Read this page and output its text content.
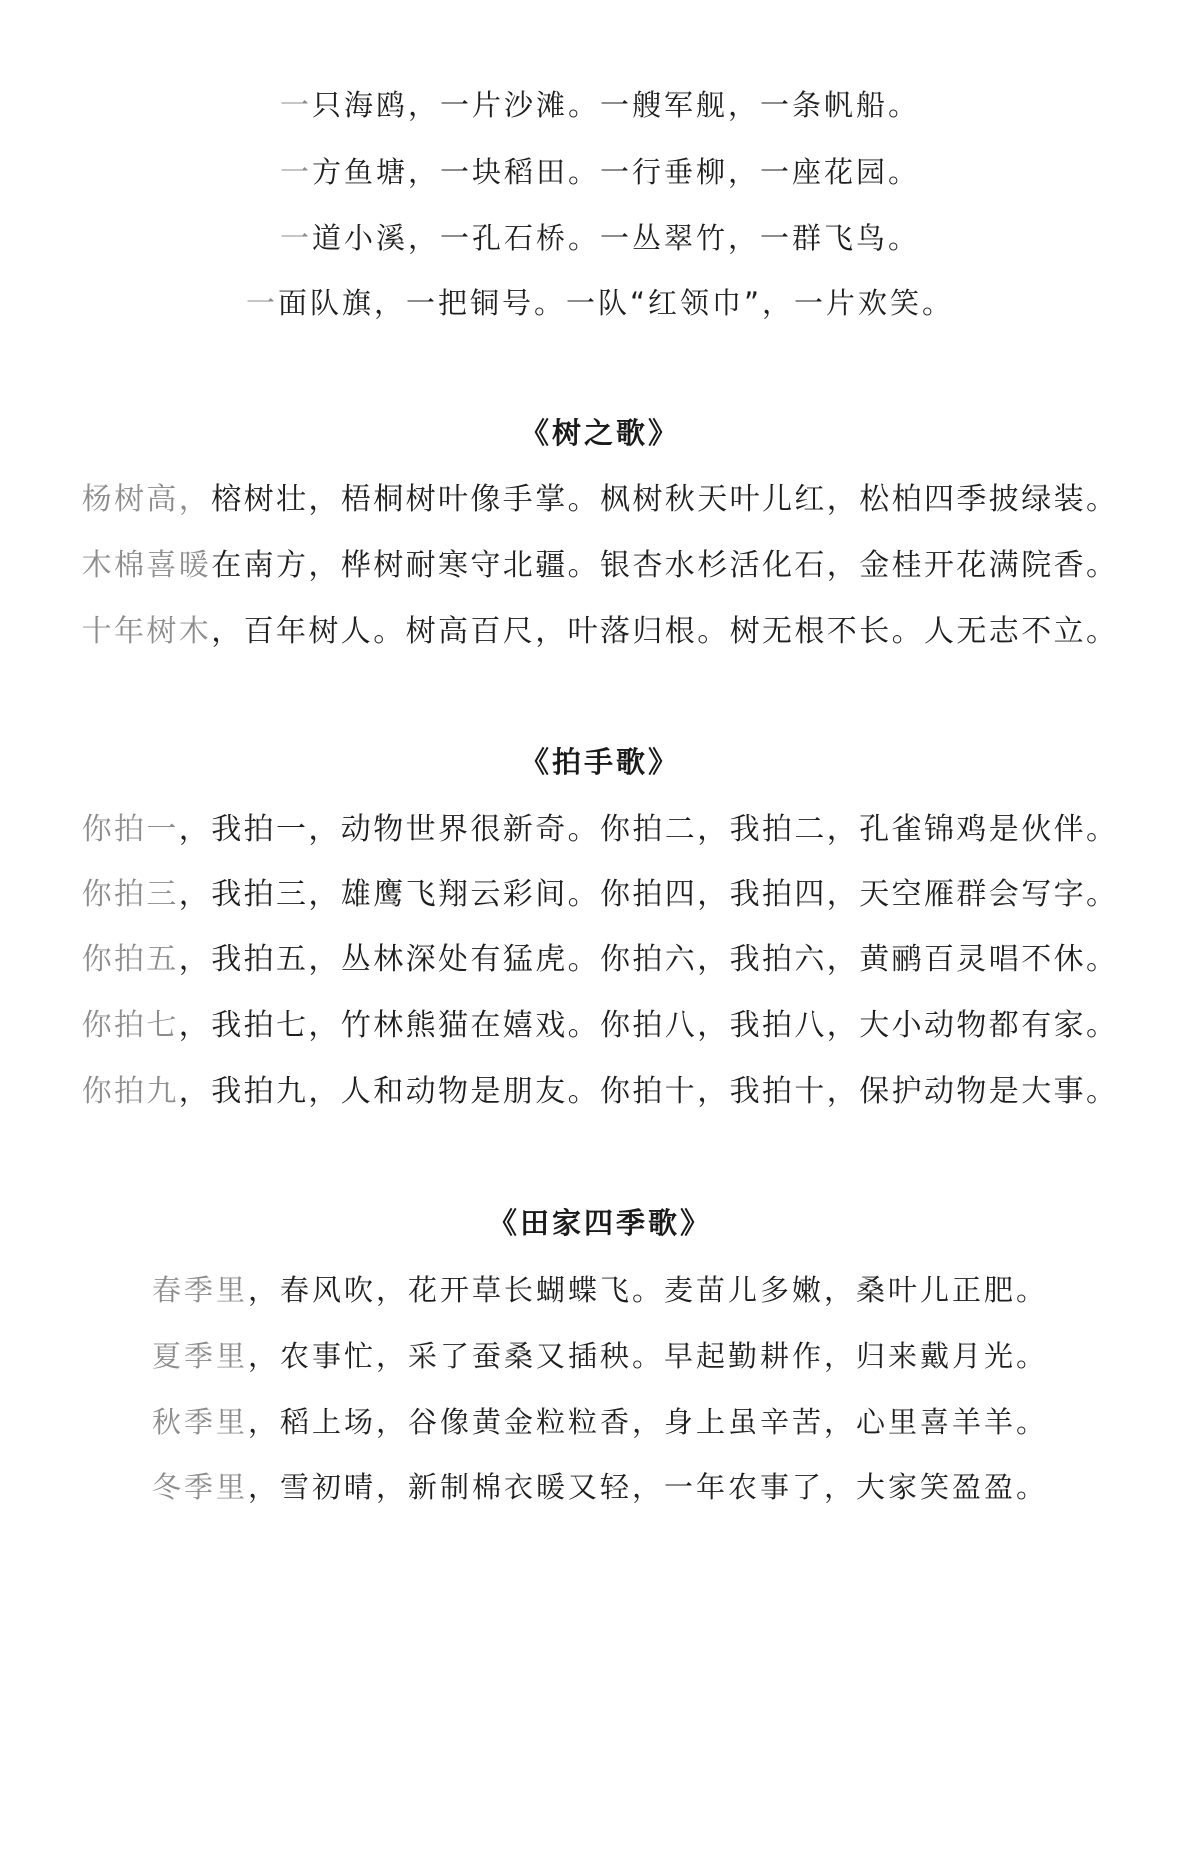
一只海鸥，一片沙滩。一艘军舰，一条帆船。
一方鱼塘，一块稻田。一行垂柳，一座花园。
一道小溪，一孔石桥。一丛翠竹，一群飞鸟。
一面队旗，一把铜号。一队“红领巾”，一片欢笑。
《树之歌》
杨树高，榕树壮，梧桐树叶像手掌。枫树秋天叶儿红，松柏四季披绿装。
木棉喜暖在南方，桦树耐寒守北疆。银杏水杉活化石，金桂开花满院香。
十年树木，百年树人。树高百尺，叶落归根。树无根不长。人无志不立。
《拍手歌》
你拍一，我拍一，动物世界很新奇。你拍二，我拍二，孔雀锦鸡是伙伴。
你拍三，我拍三，雄鹰飞翔云彩间。你拍四，我拍四，天空雁群会写字。
你拍五，我拍五，丛林深处有猛虎。你拍六，我拍六，黄鹂百灵唱不休。
你拍七，我拍七，竹林熊猫在嬉戏。你拍八，我拍八，大小动物都有家。
你拍九，我拍九，人和动物是朋友。你拍十，我拍十，保护动物是大事。
《田家四季歌》
春季里，春风吹，花开草长蝴蝶飞。麦苗儿多嫩，桑叶儿正肥。
夏季里，农事忙，采了蚕桑又插秧。早起勤耕作，归来戴月光。
秋季里，稻上场，谷像黄金粒粒香，身上虽辛苦，心里喜羊羊。
冬季里，雪初晴，新制棉衣暖又轻，一年农事了，大家笑盈盈。
